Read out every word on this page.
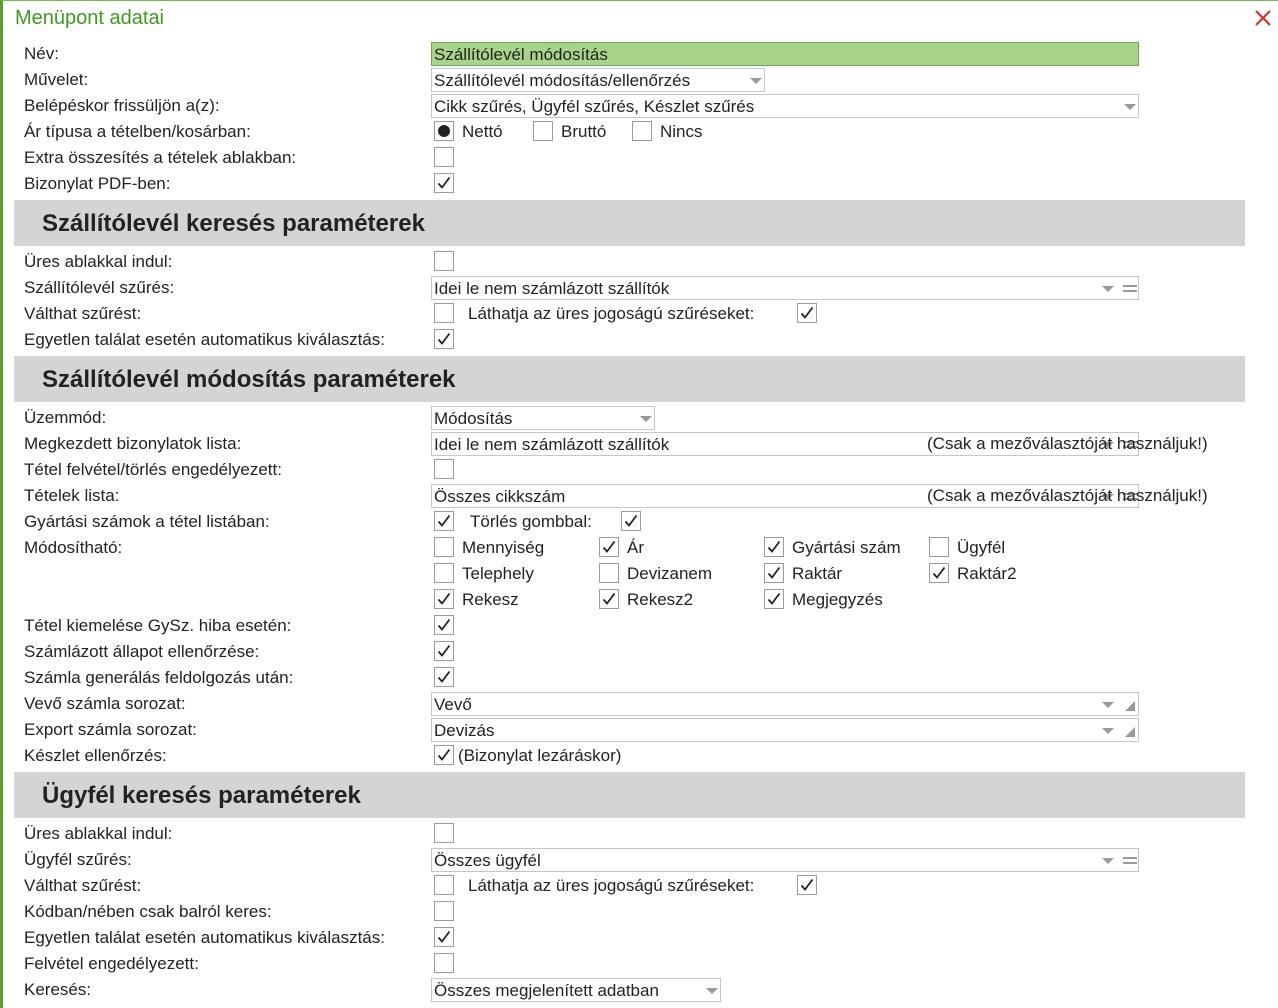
Menüpont adatai
Név:	Szállítólevél módosítás
Művelet:	Szállítólevél módosítás/ellenőrzés
Belépéskor frissüljön a(z):	Cikk szűrés, Ügyfél szűrés, Készlet szűrés
Ár típusa a tételben/kosárban:	Nettó	Bruttó	Nincs
Extra összesítés a tételek ablakban:
Bizonylat PDF-ben:
Szállítólevél keresés paraméterek
Üres ablakkal indul:
Szállítólevél szűrés:	Idei le nem számlázott szállítók
Válthat szűrést:	Láthatja az üres jogoságú szűréseket:
Egyetlen találat esetén automatikus kiválasztás:
Szállítólevél módosítás paraméterek
Üzemmód:	Módosítás
Megkezdett bizonylatok lista:	Idei le nem számlázott szállítók	(Csak a mezőválasztóját használjuk!)
Tétel felvétel/törlés engedélyezett:
Tételek lista:	Összes cikkszám	(Csak a mezőválasztóját használjuk!)
Gyártási számok a tétel listában:	Törlés gombbal:
Módosítható:	Mennyiség	Ár	Gyártási szám	Ügyfél
Telephely	Devizanem	Raktár	Raktár2
Rekesz	Rekesz2	Megjegyzés
Tétel kiemelése GySz. hiba esetén:
Számlázott állapot ellenőrzése:
Számla generálás feldolgozás után:
Vevő számla sorozat:	Vevő
Export számla sorozat:	Devizás
Készlet ellenőrzés:	(Bizonylat lezáráskor)
Ügyfél keresés paraméterek
Üres ablakkal indul:
Ügyfél szűrés:	Összes ügyfél
Válthat szűrést:	Láthatja az üres jogoságú szűréseket:
Kódban/nében csak balról keres:
Egyetlen találat esetén automatikus kiválasztás:
Felvétel engedélyezett:
Keresés:	Összes megjelenített adatban
